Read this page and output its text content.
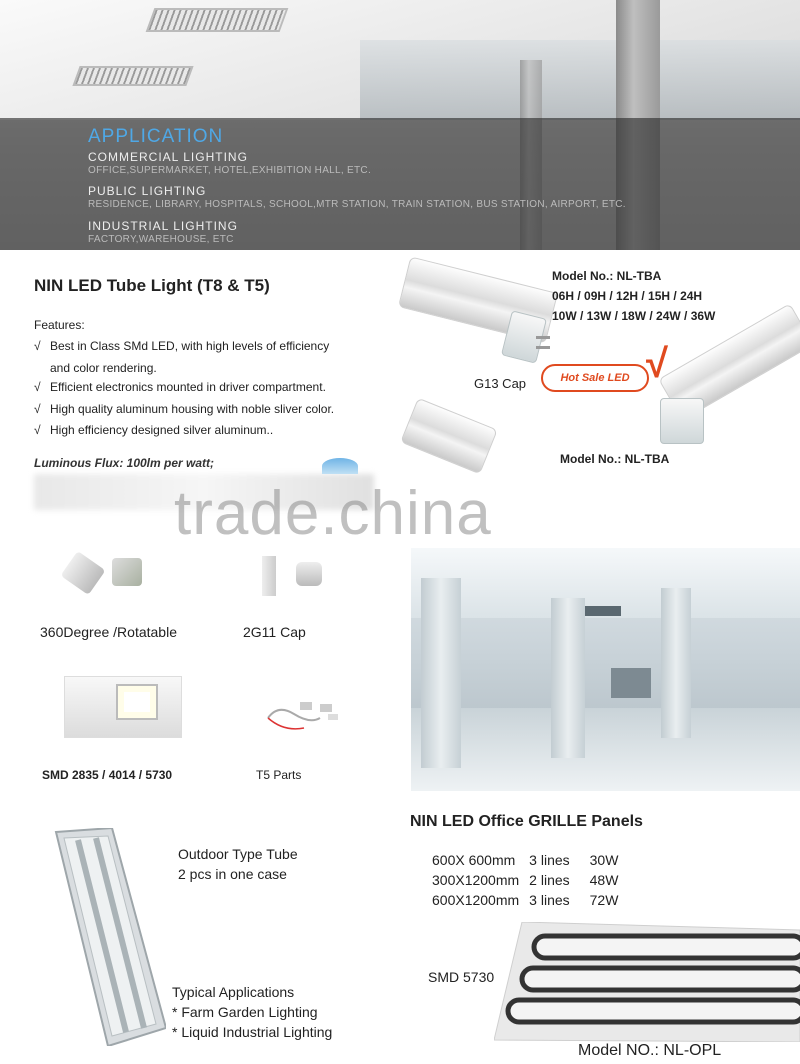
APPLICATION
COMMERCIAL LIGHTING
OFFICE,SUPERMARKET, HOTEL,EXHIBITION HALL, ETC.
PUBLIC LIGHTING
RESIDENCE, LIBRARY, HOSPITALS, SCHOOL,MTR STATION, TRAIN STATION, BUS STATION, AIRPORT, ETC.
INDUSTRIAL LIGHTING
FACTORY,WAREHOUSE, ETC
NIN LED Tube Light (T8 & T5)
Features:
√ Best in Class SMd LED, with high levels of efficiency
and color rendering.
√ Efficient electronics mounted in driver compartment.
√ High quality aluminum housing with noble sliver color.
√ High efficiency designed silver aluminum..
Luminous Flux: 100lm per watt;
Model No.: NL-TBA
06H / 09H / 12H / 15H / 24H
10W / 13W / 18W / 24W / 36W
G13 Cap	Hot Sale LED √
Model No.: NL-TBA
trade.china
360Degree /Rotatable	2G11 Cap
SMD 2835 / 4014 / 5730	T5 Parts
NIN LED Office GRILLE Panels
600X 600mm	3 lines	30W
300X1200mm	2 lines	48W
600X1200mm	3 lines	72W
SMD 5730
Model NO.: NL-OPL
Outdoor Type Tube
2 pcs in one case
Typical Applications
* Farm Garden Lighting
* Liquid Industrial Lighting
